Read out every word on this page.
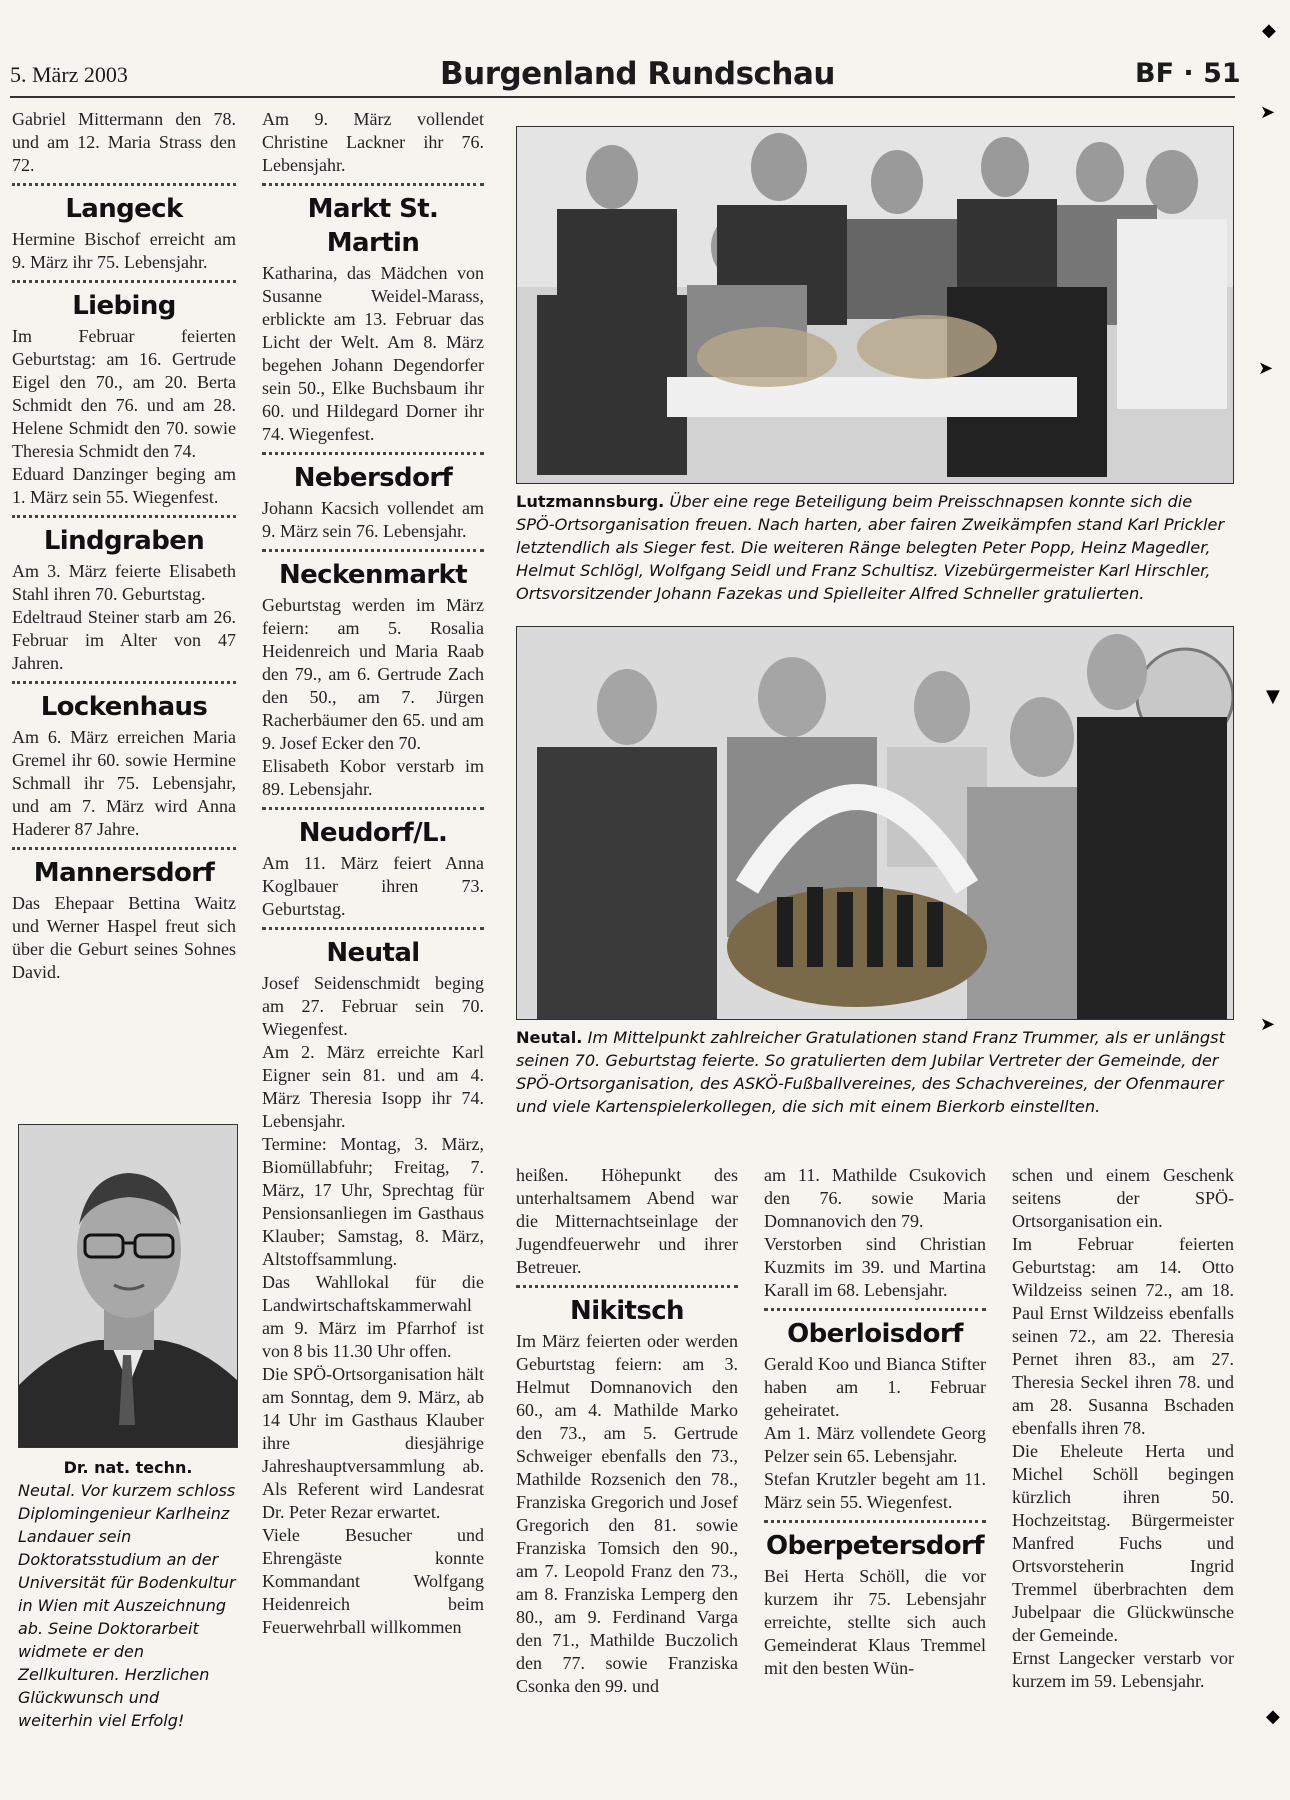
5. März 2003	Burgenland Rundschau	BF · 51

Gabriel Mittermann den 78. und am 12. Maria Strass den 72.

Langeck

Hermine Bischof erreicht am 9. März ihr 75. Lebensjahr.

Liebing

Im Februar feierten Geburtstag: am 16. Gertrude Eigel den 70., am 20. Berta Schmidt den 76. und am 28. Helene Schmidt den 70. sowie Theresia Schmidt den 74.

Eduard Danzinger beging am 1. März sein 55. Wiegenfest.

Lindgraben

Am 3. März feierte Elisabeth Stahl ihren 70. Geburtstag.

Edeltraud Steiner starb am 26. Februar im Alter von 47 Jahren.

Lockenhaus

Am 6. März erreichen Maria Gremel ihr 60. sowie Hermine Schmall ihr 75. Lebensjahr, und am 7. März wird Anna Haderer 87 Jahre.

Mannersdorf

Das Ehepaar Bettina Waitz und Werner Haspel freut sich über die Geburt seines Sohnes David.

Dr. nat. techn.
Neutal. Vor kurzem schloss Diplomingenieur Karlheinz Landauer sein Doktoratsstudium an der Universität für Bodenkultur in Wien mit Auszeichnung ab. Seine Doktorarbeit widmete er den Zellkulturen. Herzlichen Glückwunsch und weiterhin viel Erfolg!

Am 9. März vollendet Christine Lackner ihr 76. Lebensjahr.

Markt St. Martin

Katharina, das Mädchen von Susanne Weidel-Marass, erblickte am 13. Februar das Licht der Welt. Am 8. März begehen Johann Degendorfer sein 50., Elke Buchsbaum ihr 60. und Hildegard Dorner ihr 74. Wiegenfest.

Nebersdorf

Johann Kacsich vollendet am 9. März sein 76. Lebensjahr.

Neckenmarkt

Geburtstag werden im März feiern: am 5. Rosalia Heidenreich und Maria Raab den 79., am 6. Gertrude Zach den 50., am 7. Jürgen Racherbäumer den 65. und am 9. Josef Ecker den 70.

Elisabeth Kobor verstarb im 89. Lebensjahr.

Neudorf/L.

Am 11. März feiert Anna Koglbauer ihren 73. Geburtstag.

Neutal

Josef Seidenschmidt beging am 27. Februar sein 70. Wiegenfest.

Am 2. März erreichte Karl Eigner sein 81. und am 4. März Theresia Isopp ihr 74. Lebensjahr.

Termine: Montag, 3. März, Biomüllabfuhr; Freitag, 7. März, 17 Uhr, Sprechtag für Pensionsanliegen im Gasthaus Klauber; Samstag, 8. März, Altstoffsammlung.

Das Wahllokal für die Landwirtschaftskammerwahl am 9. März im Pfarrhof ist von 8 bis 11.30 Uhr offen.

Die SPÖ-Ortsorganisation hält am Sonntag, dem 9. März, ab 14 Uhr im Gasthaus Klauber ihre diesjährige Jahreshauptversammlung ab. Als Referent wird Landesrat Dr. Peter Rezar erwartet.

Viele Besucher und Ehrengäste konnte Kommandant Wolfgang Heidenreich beim Feuerwehrball willkommen

Lutzmannsburg. Über eine rege Beteiligung beim Preisschnapsen konnte sich die SPÖ-Ortsorganisation freuen. Nach harten, aber fairen Zweikämpfen stand Karl Prickler letztendlich als Sieger fest. Die weiteren Ränge belegten Peter Popp, Heinz Magedler, Helmut Schlögl, Wolfgang Seidl und Franz Schultisz. Vizebürgermeister Karl Hirschler, Ortsvorsitzender Johann Fazekas und Spielleiter Alfred Schneller gratulierten.
Neutal. Im Mittelpunkt zahlreicher Gratulationen stand Franz Trummer, als er unlängst seinen 70. Geburtstag feierte. So gratulierten dem Jubilar Vertreter der Gemeinde, der SPÖ-Ortsorganisation, des ASKÖ-Fußballvereines, des Schachvereines, der Ofenmaurer und viele Kartenspielerkollegen, die sich mit einem Bierkorb einstellten.

heißen. Höhepunkt des unterhaltsamem Abend war die Mitternachtseinlage der Jugendfeuerwehr und ihrer Betreuer.

Nikitsch

Im März feierten oder werden Geburtstag feiern: am 3. Helmut Domnanovich den 60., am 4. Mathilde Marko den 73., am 5. Gertrude Schweiger ebenfalls den 73., Mathilde Rozsenich den 78., Franziska Gregorich und Josef Gregorich den 81. sowie Franziska Tomsich den 90., am 7. Leopold Franz den 73., am 8. Franziska Lemperg den 80., am 9. Ferdinand Varga den 71., Mathilde Buczolich den 77. sowie Franziska Csonka den 99. und

am 11. Mathilde Csukovich den 76. sowie Maria Domnanovich den 79.

Verstorben sind Christian Kuzmits im 39. und Martina Karall im 68. Lebensjahr.

Oberloisdorf

Gerald Koo und Bianca Stifter haben am 1. Februar geheiratet.

Am 1. März vollendete Georg Pelzer sein 65. Lebensjahr.

Stefan Krutzler begeht am 11. März sein 55. Wiegenfest.

Oberpetersdorf

Bei Herta Schöll, die vor kurzem ihr 75. Lebensjahr erreichte, stellte sich auch Gemeinderat Klaus Tremmel mit den besten Wün-

schen und einem Geschenk seitens der SPÖ-Ortsorganisation ein.

Im Februar feierten Geburtstag: am 14. Otto Wildzeiss seinen 72., am 18. Paul Ernst Wildzeiss ebenfalls seinen 72., am 22. Theresia Pernet ihren 83., am 27. Theresia Seckel ihren 78. und am 28. Susanna Bschaden ebenfalls ihren 78.

Die Eheleute Herta und Michel Schöll begingen kürzlich ihren 50. Hochzeitstag. Bürgermeister Manfred Fuchs und Ortsvorsteherin Ingrid Tremmel überbrachten dem Jubelpaar die Glückwünsche der Gemeinde.

Ernst Langecker verstarb vor kurzem im 59. Lebensjahr.

◆
➤
➤
▼
➤
◆
